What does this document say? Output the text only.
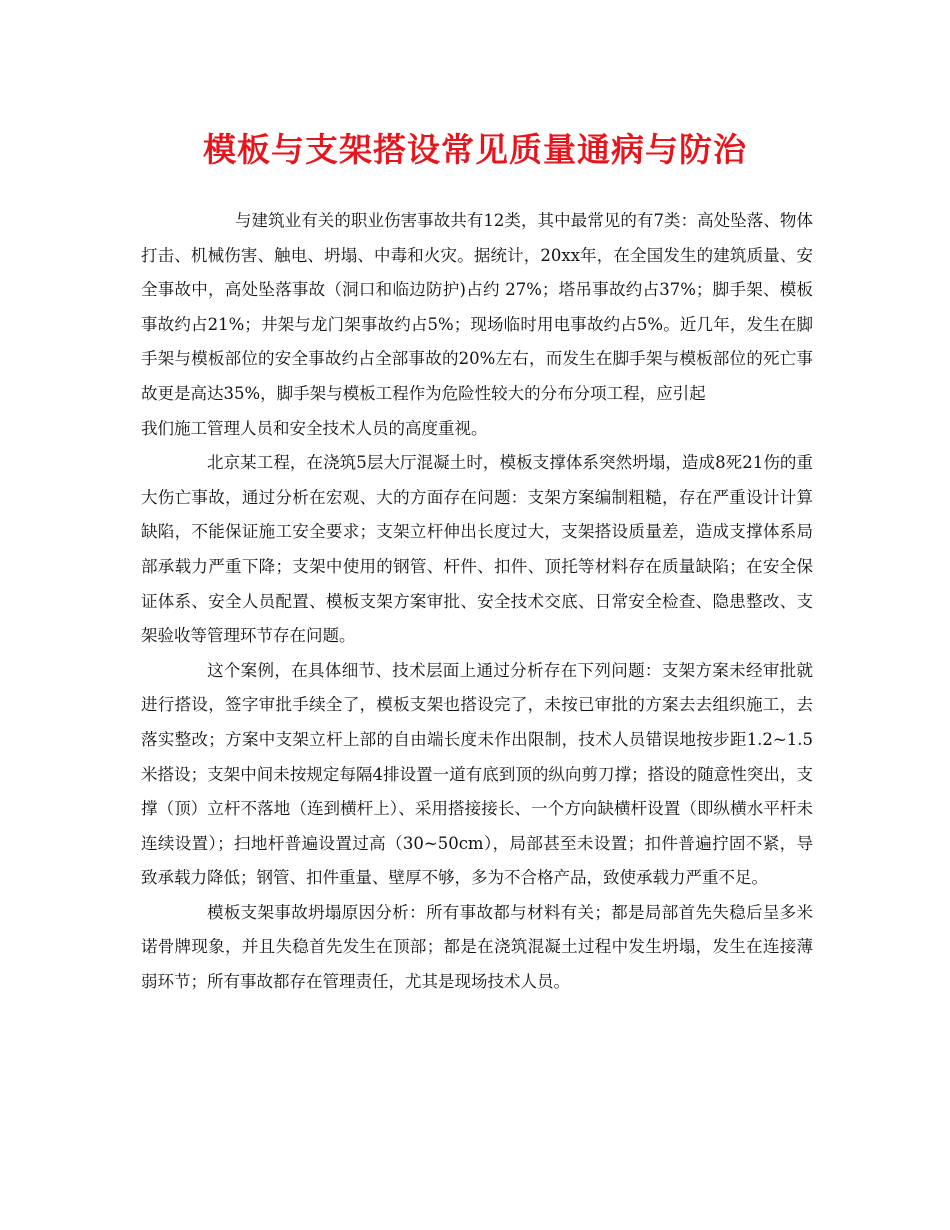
模板与支架搭设常见质量通病与防治

与建筑业有关的职业伤害事故共有12类，其中最常见的有7类：高处坠落、物体打击、机械伤害、触电、坍塌、中毒和火灾。据统计，20xx年，在全国发生的建筑质量、安全事故中，高处坠落事故（洞口和临边防护)占约 27%；塔吊事故约占37%；脚手架、模板事故约占21%；井架与龙门架事故约占5%；现场临时用电事故约占5%。近几年，发生在脚手架与模板部位的安全事故约占全部事故的20%左右，而发生在脚手架与模板部位的死亡事故更是高达35%，脚手架与模板工程作为危险性较大的分布分项工程，应引起

我们施工管理人员和安全技术人员的高度重视。

北京某工程，在浇筑5层大厅混凝土时，模板支撑体系突然坍塌，造成8死21伤的重大伤亡事故，通过分析在宏观、大的方面存在问题：支架方案编制粗糙，存在严重设计计算缺陷，不能保证施工安全要求；支架立杆伸出长度过大，支架搭设质量差，造成支撑体系局部承载力严重下降；支架中使用的钢管、杆件、扣件、顶托等材料存在质量缺陷；在安全保证体系、安全人员配置、模板支架方案审批、安全技术交底、日常安全检查、隐患整改、支架验收等管理环节存在问题。

这个案例，在具体细节、技术层面上通过分析存在下列问题：支架方案未经审批就进行搭设，签字审批手续全了，模板支架也搭设完了，未按已审批的方案去去组织施工，去落实整改；方案中支架立杆上部的自由端长度未作出限制，技术人员错误地按步距1.2~1.5米搭设；支架中间未按规定每隔4排设置一道有底到顶的纵向剪刀撑；搭设的随意性突出，支撑（顶）立杆不落地（连到横杆上）、采用搭接接长、一个方向缺横杆设置（即纵横水平杆未连续设置）；扫地杆普遍设置过高（30~50cm），局部甚至未设置；扣件普遍拧固不紧，导致承载力降低；钢管、扣件重量、壁厚不够，多为不合格产品，致使承载力严重不足。

模板支架事故坍塌原因分析：所有事故都与材料有关；都是局部首先失稳后呈多米诺骨牌现象，并且失稳首先发生在顶部；都是在浇筑混凝土过程中发生坍塌，发生在连接薄弱环节；所有事故都存在管理责任，尤其是现场技术人员。
